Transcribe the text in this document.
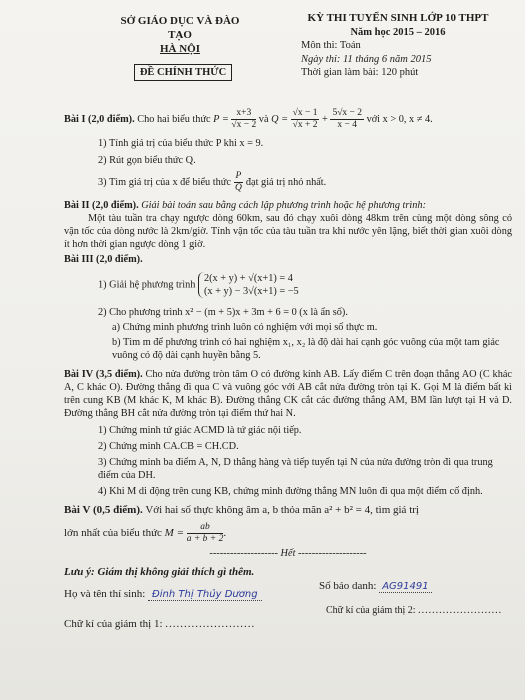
SỞ GIÁO DỤC VÀ ĐÀO TẠO
HÀ NỘI
ĐỀ CHÍNH THỨC
KỲ THI TUYỂN SINH LỚP 10 THPT
Năm học 2015 – 2016
Môn thi: Toán
Ngày thi: 11 tháng 6 năm 2015
Thời gian làm bài: 120 phút

Bài I (2,0 điểm). Cho hai biểu thức $P = \frac{x+3}{√x - 2}$ và $Q = \frac{√x - 1}{√x + 2} + \frac{5√x - 2}{x - 4}$ với x > 0, x ≠ 4.

1) Tính giá trị của biểu thức P khi x = 9.

2) Rút gọn biểu thức Q.

3) Tìm giá trị của x để biểu thức $\frac{P}{Q}$ đạt giá trị nhỏ nhất.

Bài II (2,0 điểm). Giải bài toán sau bằng cách lập phương trình hoặc hệ phương trình:

Một tàu tuần tra chạy ngược dòng 60km, sau đó chạy xuôi dòng 48km trên cùng một dòng sông có vận tốc của dòng nước là 2km/giờ. Tính vận tốc của tàu tuần tra khi nước yên lặng, biết thời gian xuôi dòng ít hơn thời gian ngược dòng 1 giờ.

Bài III (2,0 điểm).

1) Giải hệ phương trình
2(x + y) + √(x+1) = 4
(x + y) − 3√(x+1) = −5

2) Cho phương trình x² − (m + 5)x + 3m + 6 = 0 (x là ẩn số).

a) Chứng minh phương trình luôn có nghiệm với mọi số thực m.

b) Tìm m để phương trình có hai nghiệm x₁, x₂ là độ dài hai cạnh góc vuông của một tam giác vuông có độ dài cạnh huyền bằng 5.

Bài IV (3,5 điểm). Cho nửa đường tròn tâm O có đường kính AB. Lấy điểm C trên đoạn thẳng AO (C khác A, C khác O). Đường thẳng đi qua C và vuông góc với AB cắt nửa đường tròn tại K. Gọi M là điểm bất kì trên cung KB (M khác K, M khác B). Đường thẳng CK cắt các đường thẳng AM, BM lần lượt tại H và D. Đường thẳng BH cắt nửa đường tròn tại điểm thứ hai N.

1) Chứng minh tứ giác ACMD là tứ giác nội tiếp.

2) Chứng minh CA.CB = CH.CD.

3) Chứng minh ba điểm A, N, D thẳng hàng và tiếp tuyến tại N của nửa đường tròn đi qua trung điểm của DH.

4) Khi M di động trên cung KB, chứng minh đường thẳng MN luôn đi qua một điểm cố định.

Bài V (0,5 điểm). Với hai số thực không âm a, b thỏa mãn a² + b² = 4, tìm giá trị

lớn nhất của biểu thức $M = \frac{ab}{a + b + 2}$ .

-------------------- Hết --------------------

Lưu ý: Giám thị không giải thích gì thêm.
Họ và tên thí sinh: Đinh Thị Thủy Dương
Số báo danh: AG91491
Chữ kí của giám thị 2: ........................
Chữ kí của giám thị 1: ........................
